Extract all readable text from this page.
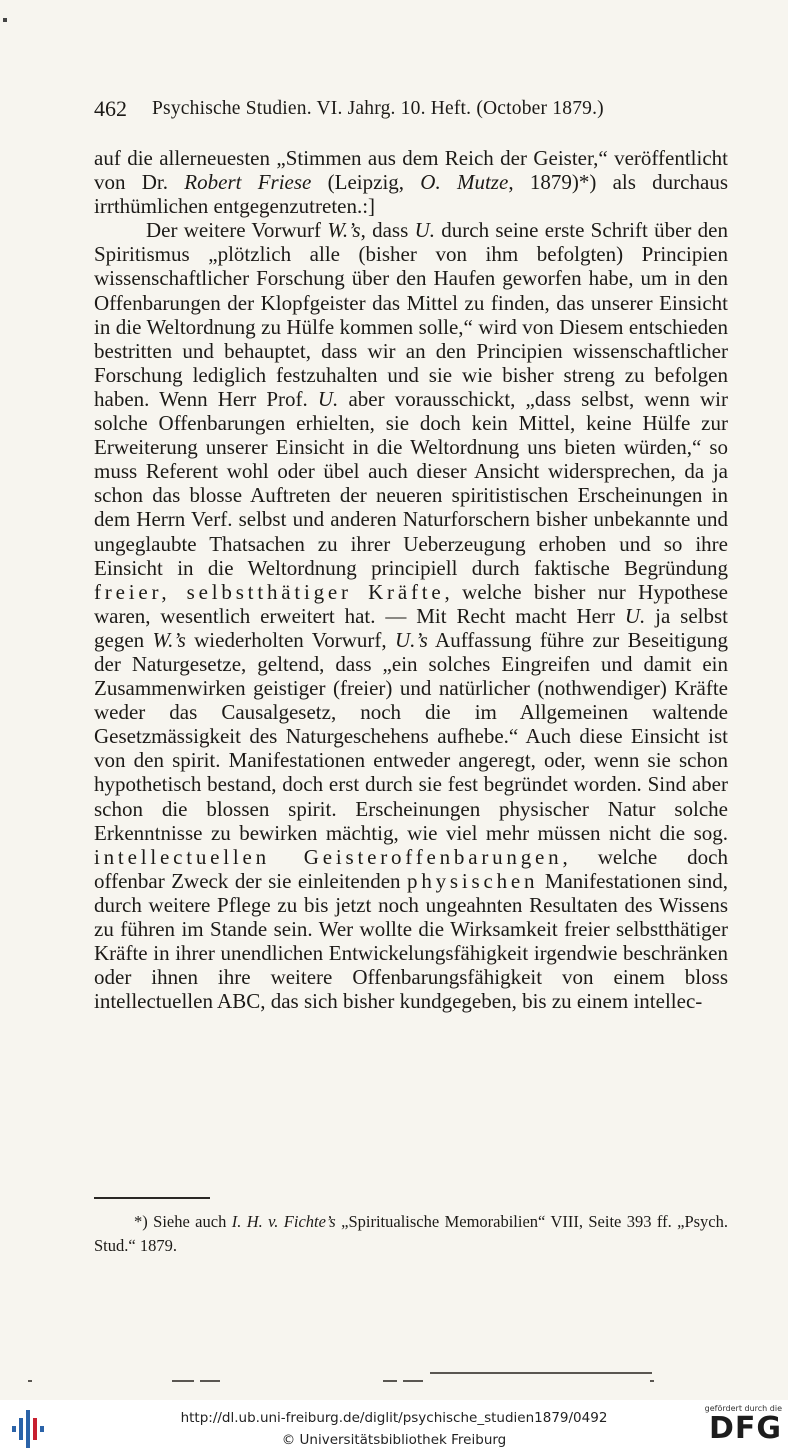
462 Psychische Studien. VI. Jahrg. 10. Heft. (October 1879.)

auf die allerneuesten „Stimmen aus dem Reich der Geister,“ veröffentlicht von Dr. Robert Friese (Leipzig, O. Mutze, 1879)*) als durchaus irrthümlichen entgegenzutreten.:]

Der weitere Vorwurf W.’s, dass U. durch seine erste Schrift über den Spiritismus „plötzlich alle (bisher von ihm befolgten) Principien wissenschaftlicher Forschung über den Haufen geworfen habe, um in den Offenbarungen der Klopfgeister das Mittel zu finden, das unserer Einsicht in die Weltordnung zu Hülfe kommen solle,“ wird von Diesem entschieden bestritten und behauptet, dass wir an den Principien wissenschaftlicher Forschung lediglich festzuhalten und sie wie bisher streng zu befolgen haben. Wenn Herr Prof. U. aber vorausschickt, „dass selbst, wenn wir solche Offenbarungen erhielten, sie doch kein Mittel, keine Hülfe zur Erweiterung unserer Einsicht in die Weltordnung uns bieten würden,“ so muss Referent wohl oder übel auch dieser Ansicht widersprechen, da ja schon das blosse Auftreten der neueren spiritistischen Erscheinungen in dem Herrn Verf. selbst und anderen Naturforschern bisher unbekannte und ungeglaubte Thatsachen zu ihrer Ueberzeugung erhoben und so ihre Einsicht in die Weltordnung principiell durch faktische Begründung freier, selbstthätiger Kräfte, welche bisher nur Hypothese waren, wesentlich erweitert hat. — Mit Recht macht Herr U. ja selbst gegen W.’s wiederholten Vorwurf, U.’s Auffassung führe zur Beseitigung der Naturgesetze, geltend, dass „ein solches Eingreifen und damit ein Zusammenwirken geistiger (freier) und natürlicher (nothwendiger) Kräfte weder das Causalgesetz, noch die im Allgemeinen waltende Gesetzmässigkeit des Naturgeschehens aufhebe.“ Auch diese Einsicht ist von den spirit. Manifestationen entweder angeregt, oder, wenn sie schon hypothetisch bestand, doch erst durch sie fest begründet worden. Sind aber schon die blossen spirit. Erscheinungen physischer Natur solche Erkenntnisse zu bewirken mächtig, wie viel mehr müssen nicht die sog. intellectuellen Geisteroffenbarungen, welche doch offenbar Zweck der sie einleitenden physischen Manifestationen sind, durch weitere Pflege zu bis jetzt noch ungeahnten Resultaten des Wissens zu führen im Stande sein. Wer wollte die Wirksamkeit freier selbstthätiger Kräfte in ihrer unendlichen Entwickelungsfähigkeit irgendwie beschränken oder ihnen ihre weitere Offenbarungsfähigkeit von einem bloss intellectuellen ABC, das sich bisher kundgegeben, bis zu einem intellec-

*) Siehe auch I. H. v. Fichte’s „Spiritualische Memorabilien“ VIII, Seite 393 ff. „Psych. Stud.“ 1879.

http://dl.ub.uni-freiburg.de/diglit/psychische_studien1879/0492
© Universitätsbibliothek Freiburg
gefördert durch die
DFG
